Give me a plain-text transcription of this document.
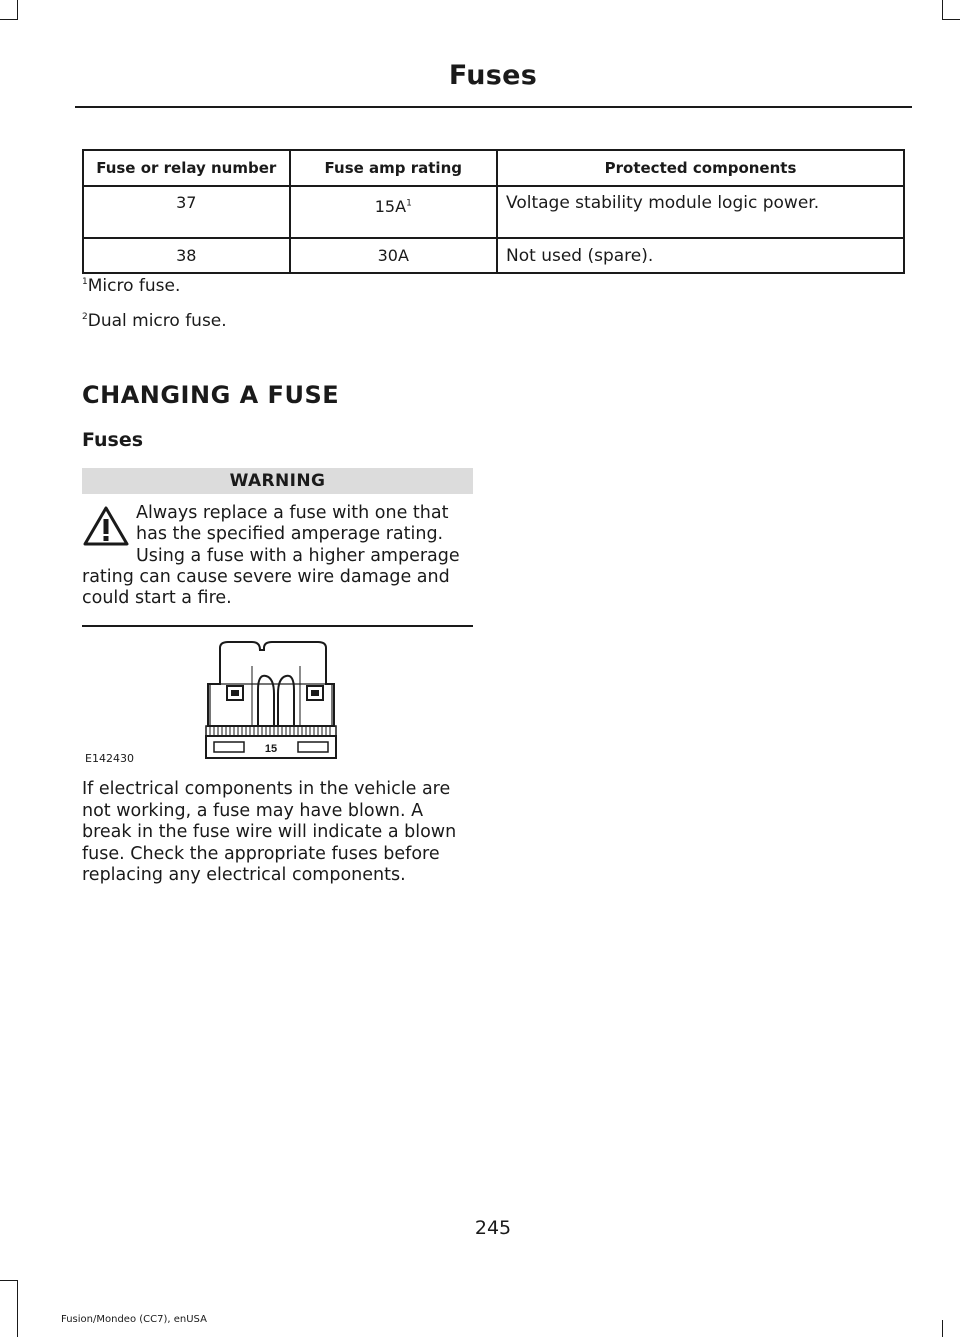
Fuses
Fuse or relay number	Fuse amp rating	Protected components
37	$15A^1$	Voltage stability module logic power.
38	30A	Not used (spare).
$^1$Micro fuse.
$^2$Dual micro fuse.
CHANGING A FUSE
Fuses
WARNING
Always replace a fuse with one that has the specified amperage rating. Using a fuse with a higher amperage rating can cause severe wire damage and could start a fire.
15
E142430
If electrical components in the vehicle are not working, a fuse may have blown. A break in the fuse wire will indicate a blown fuse. Check the appropriate fuses before replacing any electrical components.
245
Fusion/Mondeo (CC7), enUSA
